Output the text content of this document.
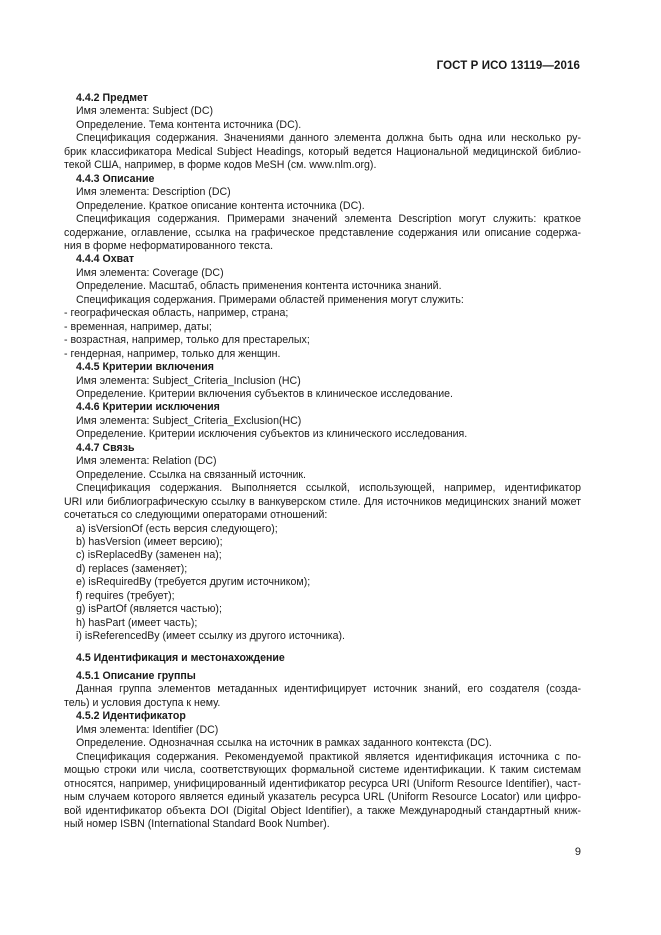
ГОСТ Р ИСО 13119—2016
4.4.2 Предмет
Имя элемента: Subject (DC)
Определение. Тема контента источника (DC).
Спецификация содержания. Значениями данного элемента должна быть одна или несколько ру-
брик классификатора Medical Subject Headings, который ведется Национальной медицинской библио-
текой США, например, в форме кодов MeSH (см. www.nlm.org).
4.4.3 Описание
Имя элемента: Description (DC)
Определение. Краткое описание контента источника (DC).
Спецификация содержания. Примерами значений элемента Description могут служить: краткое
содержание, оглавление, ссылка на графическое представление содержания или описание содержа-
ния в форме неформатированного текста.
4.4.4 Охват
Имя элемента: Coverage (DC)
Определение. Масштаб, область применения контента источника знаний.
Спецификация содержания. Примерами областей применения могут служить:
- географическая область, например, страна;
- временная, например, даты;
- возрастная, например, только для престарелых;
- гендерная, например, только для женщин.
4.4.5 Критерии включения
Имя элемента: Subject_Criteria_Inclusion (HC)
Определение. Критерии включения субъектов в клиническое исследование.
4.4.6 Критерии исключения
Имя элемента: Subject_Criteria_Exclusion(HC)
Определение. Критерии исключения субъектов из клинического исследования.
4.4.7 Связь
Имя элемента: Relation (DC)
Определение. Ссылка на связанный источник.
Спецификация содержания. Выполняется ссылкой, использующей, например, идентификатор
URI или библиографическую ссылку в ванкуверском стиле. Для источников медицинских знаний может
сочетаться со следующими операторами отношений:
a) isVersionOf (есть версия следующего);
b) hasVersion (имеет версию);
c) isReplacedBy (заменен на);
d) replaces (заменяет);
e) isRequiredBy (требуется другим источником);
f) requires (требует);
g) isPartOf (является частью);
h) hasPart (имеет часть);
i) isReferencedBy (имеет ссылку из другого источника).
4.5 Идентификация и местонахождение
4.5.1 Описание группы
Данная группа элементов метаданных идентифицирует источник знаний, его создателя (созда-
тель) и условия доступа к нему.
4.5.2 Идентификатор
Имя элемента: Identifier (DC)
Определение. Однозначная ссылка на источник в рамках заданного контекста (DC).
Спецификация содержания. Рекомендуемой практикой является идентификация источника с по-
мощью строки или числа, соответствующих формальной системе идентификации. К таким системам
относятся, например, унифицированный идентификатор ресурса URI (Uniform Resource Identifier), част-
ным случаем которого является единый указатель ресурса URL (Uniform Resource Locator) или цифро-
вой идентификатор объекта DOI (Digital Object Identifier), а также Международный стандартный книж-
ный номер ISBN (International Standard Book Number).
9
